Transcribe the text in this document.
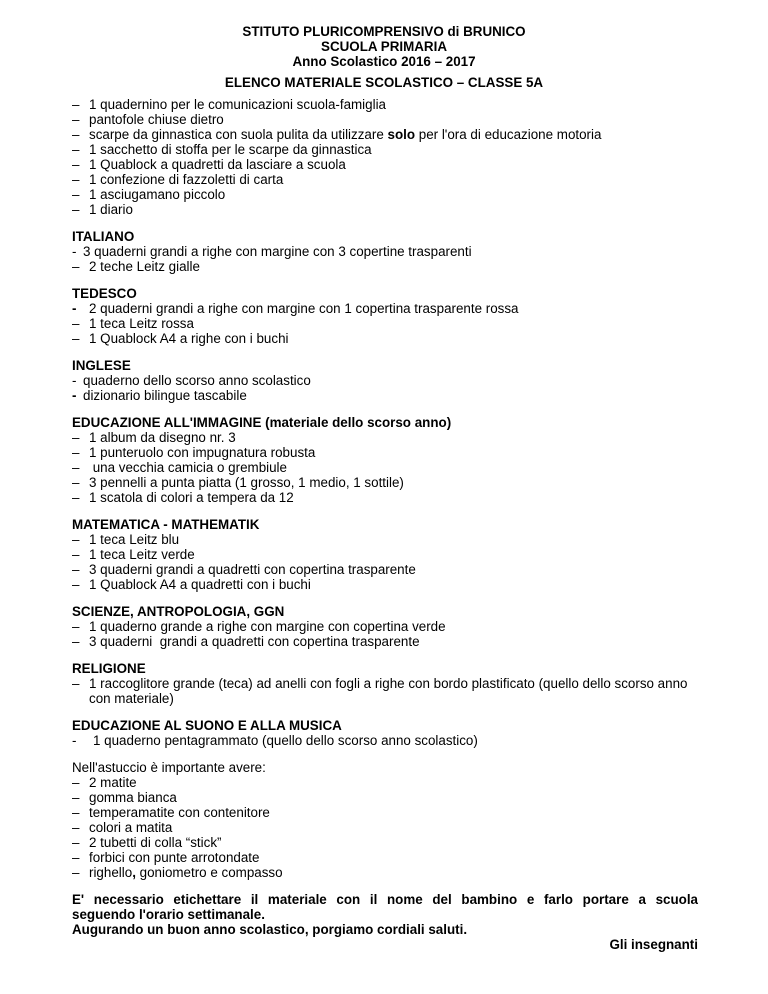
STITUTO PLURICOMPRENSIVO di BRUNICO
SCUOLA PRIMARIA
Anno Scolastico 2016 – 2017
ELENCO MATERIALE SCOLASTICO – CLASSE 5A
– 1 quadernino per le comunicazioni scuola-famiglia
– pantofole chiuse dietro
– scarpe da ginnastica con suola pulita da utilizzare solo per l'ora di educazione motoria
– 1 sacchetto di stoffa per le scarpe da ginnastica
– 1 Quablock a quadretti da lasciare a scuola
– 1 confezione di fazzoletti di carta
– 1 asciugamano piccolo
– 1 diario
ITALIANO
- 3 quaderni grandi a righe con margine con 3 copertine trasparenti
– 2 teche Leitz gialle
TEDESCO
- 2 quaderni grandi a righe con margine con 1 copertina trasparente rossa
– 1 teca Leitz rossa
– 1 Quablock A4 a righe con i buchi
INGLESE
- quaderno dello scorso anno scolastico
- dizionario bilingue tascabile
EDUCAZIONE ALL'IMMAGINE (materiale dello scorso anno)
– 1 album da disegno nr. 3
– 1 punteruolo con impugnatura robusta
– una vecchia camicia o grembiule
– 3 pennelli a punta piatta (1 grosso, 1 medio, 1 sottile)
– 1 scatola di colori a tempera da 12
MATEMATICA - MATHEMATIK
– 1 teca Leitz blu
– 1 teca Leitz verde
– 3 quaderni grandi a quadretti con copertina trasparente
– 1 Quablock A4 a quadretti con i buchi
SCIENZE, ANTROPOLOGIA, GGN
– 1 quaderno grande a righe con margine con copertina verde
– 3 quaderni  grandi a quadretti con copertina trasparente
RELIGIONE
– 1 raccoglitore grande (teca) ad anelli con fogli a righe con bordo plastificato (quello dello scorso anno con materiale)
EDUCAZIONE AL SUONO E ALLA MUSICA
-	1 quaderno pentagrammato (quello dello scorso anno scolastico)
Nell'astuccio è importante avere:
– 2 matite
– gomma bianca
– temperamatite con contenitore
– colori a matita
– 2 tubetti di colla “stick”
– forbici con punte arrotondate
– righello, goniometro e compasso
E' necessario etichettare il materiale con il nome del bambino e farlo portare a scuola
seguendo l'orario settimanale.
Augurando un buon anno scolastico, porgiamo cordiali saluti.
Gli insegnanti
